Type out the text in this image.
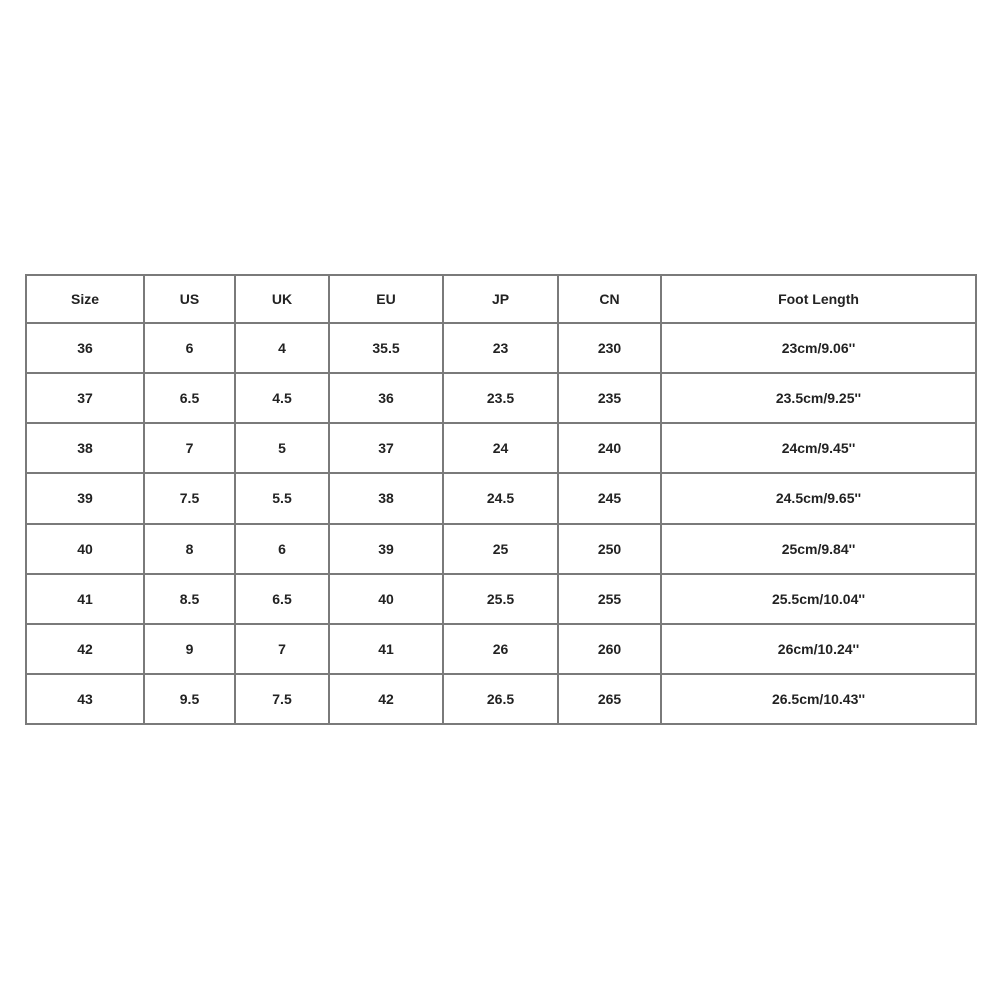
Size	US	UK	EU	JP	CN	Foot Length
36	6	4	35.5	23	230	23cm/9.06''
37	6.5	4.5	36	23.5	235	23.5cm/9.25''
38	7	5	37	24	240	24cm/9.45''
39	7.5	5.5	38	24.5	245	24.5cm/9.65''
40	8	6	39	25	250	25cm/9.84''
41	8.5	6.5	40	25.5	255	25.5cm/10.04''
42	9	7	41	26	260	26cm/10.24''
43	9.5	7.5	42	26.5	265	26.5cm/10.43''
